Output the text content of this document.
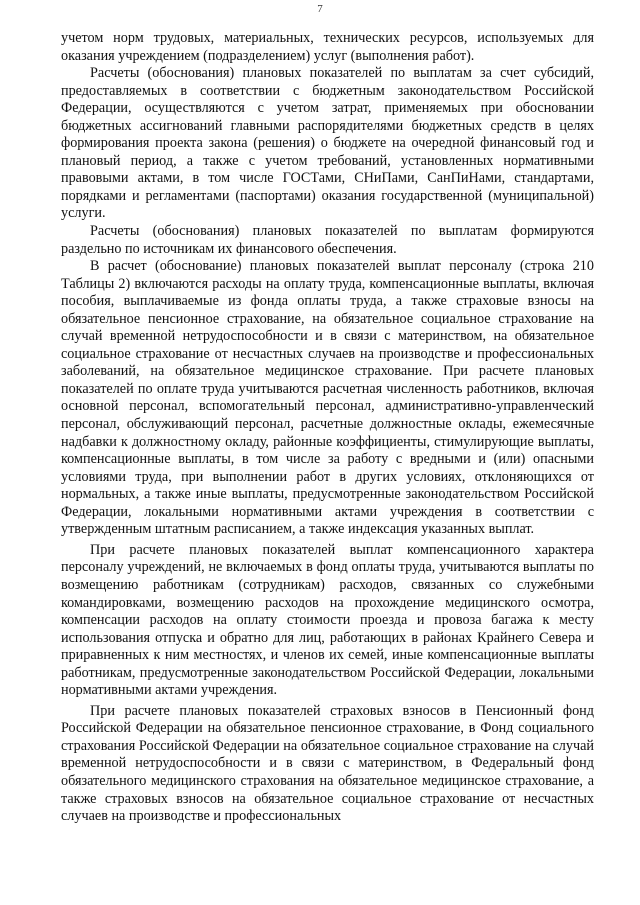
7

учетом норм трудовых, материальных, технических ресурсов, используемых для оказания учреждением (подразделением) услуг (выполнения работ).

Расчеты (обоснования) плановых показателей по выплатам за счет субсидий, предоставляемых в соответствии с бюджетным законодательством Российской Федерации, осуществляются с учетом затрат, применяемых при обосновании бюджетных ассигнований главными распорядителями бюджетных средств в целях формирования проекта закона (решения) о бюджете на очередной финансовый год и плановый период, а также с учетом требований, установленных нормативными правовыми актами, в том числе ГОСТами, СНиПами, СанПиНами, стандартами, порядками и регламентами (паспортами) оказания государственной (муниципальной) услуги.

Расчеты (обоснования) плановых показателей по выплатам формируются раздельно по источникам их финансового обеспечения.

В расчет (обоснование) плановых показателей выплат персоналу (строка 210 Таблицы 2) включаются расходы на оплату труда, компенсационные выплаты, включая пособия, выплачиваемые из фонда оплаты труда, а также страховые взносы на обязательное пенсионное страхование, на обязательное социальное страхование на случай временной нетрудоспособности и в связи с материнством, на обязательное социальное страхование от несчастных случаев на производстве и профессиональных заболеваний, на обязательное медицинское страхование. При расчете плановых показателей по оплате труда учитываются расчетная численность работников, включая основной персонал, вспомогательный персонал, административно-управленческий персонал, обслуживающий персонал, расчетные должностные оклады, ежемесячные надбавки к должностному окладу, районные коэффициенты, стимулирующие выплаты, компенсационные выплаты, в том числе за работу с вредными и (или) опасными условиями труда, при выполнении работ в других условиях, отклоняющихся от нормальных, а также иные выплаты, предусмотренные законодательством Российской Федерации, локальными нормативными актами учреждения в соответствии с утвержденным штатным расписанием, а также индексация указанных выплат.

При расчете плановых показателей выплат компенсационного характера персоналу учреждений, не включаемых в фонд оплаты труда, учитываются выплаты по возмещению работникам (сотрудникам) расходов, связанных со служебными командировками, возмещению расходов на прохождение медицинского осмотра, компенсации расходов на оплату стоимости проезда и провоза багажа к месту использования отпуска и обратно для лиц, работающих в районах Крайнего Севера и приравненных к ним местностях, и членов их семей, иные компенсационные выплаты работникам, предусмотренные законодательством Российской Федерации, локальными нормативными актами учреждения.

При расчете плановых показателей страховых взносов в Пенсионный фонд Российской Федерации на обязательное пенсионное страхование, в Фонд социального страхования Российской Федерации на обязательное социальное страхование на случай временной нетрудоспособности и в связи с материнством, в Федеральный фонд обязательного медицинского страхования на обязательное медицинское страхование, а также страховых взносов на обязательное социальное страхование от несчастных случаев на производстве и профессиональных
